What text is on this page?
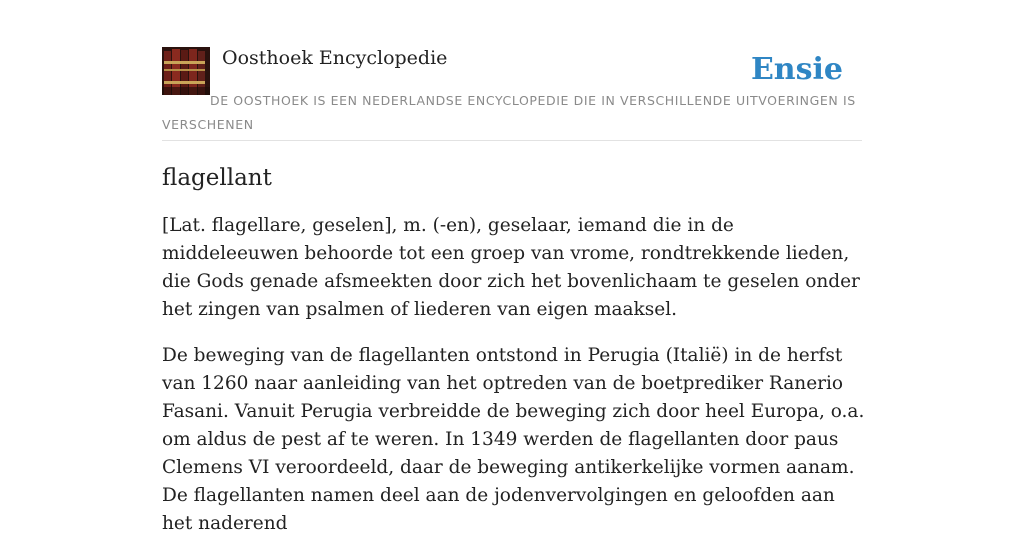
Oosthoek Encyclopedie	Ensie
DE OOSTHOEK IS EEN NEDERLANDSE ENCYCLOPEDIE DIE IN VERSCHILLENDE UITVOERINGEN IS VERSCHENEN
flagellant

[Lat. flagellare, geselen], m. (-en), geselaar, iemand die in de middeleeuwen behoorde tot een groep van vrome, rondtrekkende lieden, die Gods genade afsmeekten door zich het bovenlichaam te geselen onder het zingen van psalmen of liederen van eigen maaksel.

De beweging van de flagellanten ontstond in Perugia (Italië) in de herfst van 1260 naar aanleiding van het optreden van de boetprediker Ranerio Fasani. Vanuit Perugia verbreidde de beweging zich door heel Europa, o.a. om aldus de pest af te weren. In 1349 werden de flagellanten door paus Clemens VI veroordeeld, daar de beweging antikerkelijke vormen aanam. De flagellanten namen deel aan de jodenvervolgingen en geloofden aan het naderend
